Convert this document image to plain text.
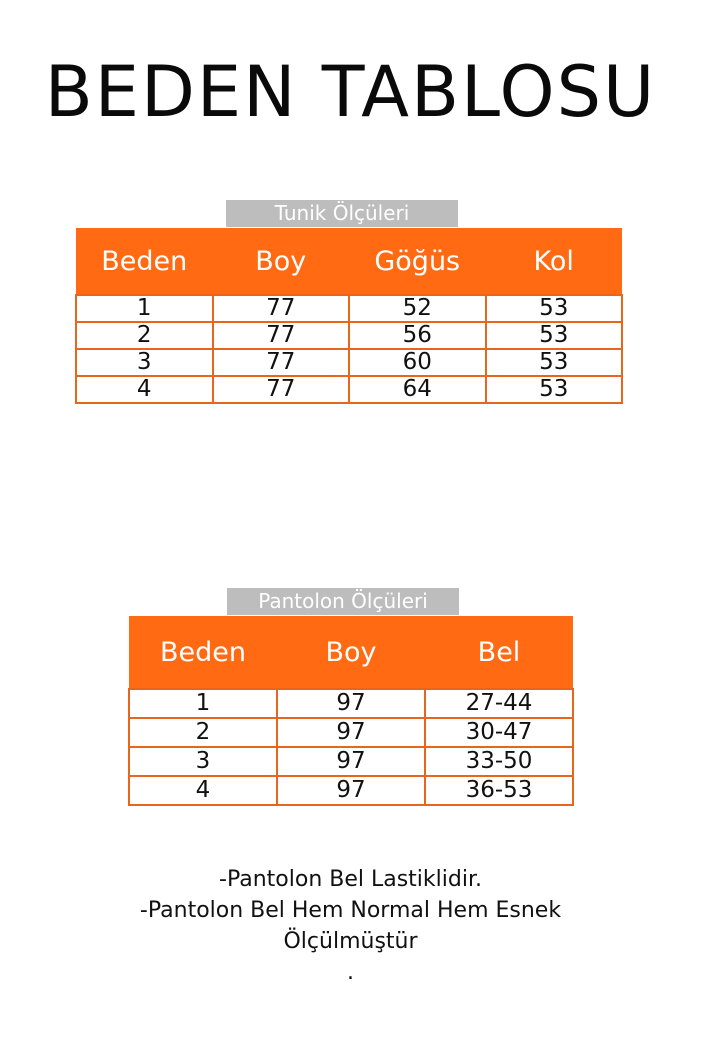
BEDEN TABLOSU
Tunik Ölçüleri
Beden	Boy	Göğüs	Kol
1	77	52	53
2	77	56	53
3	77	60	53
4	77	64	53
Pantolon Ölçüleri
Beden	Boy	Bel
1	97	27-44
2	97	30-47
3	97	33-50
4	97	36-53
-Pantolon Bel Lastiklidir.
-Pantolon Bel Hem Normal Hem Esnek
Ölçülmüştür
.
